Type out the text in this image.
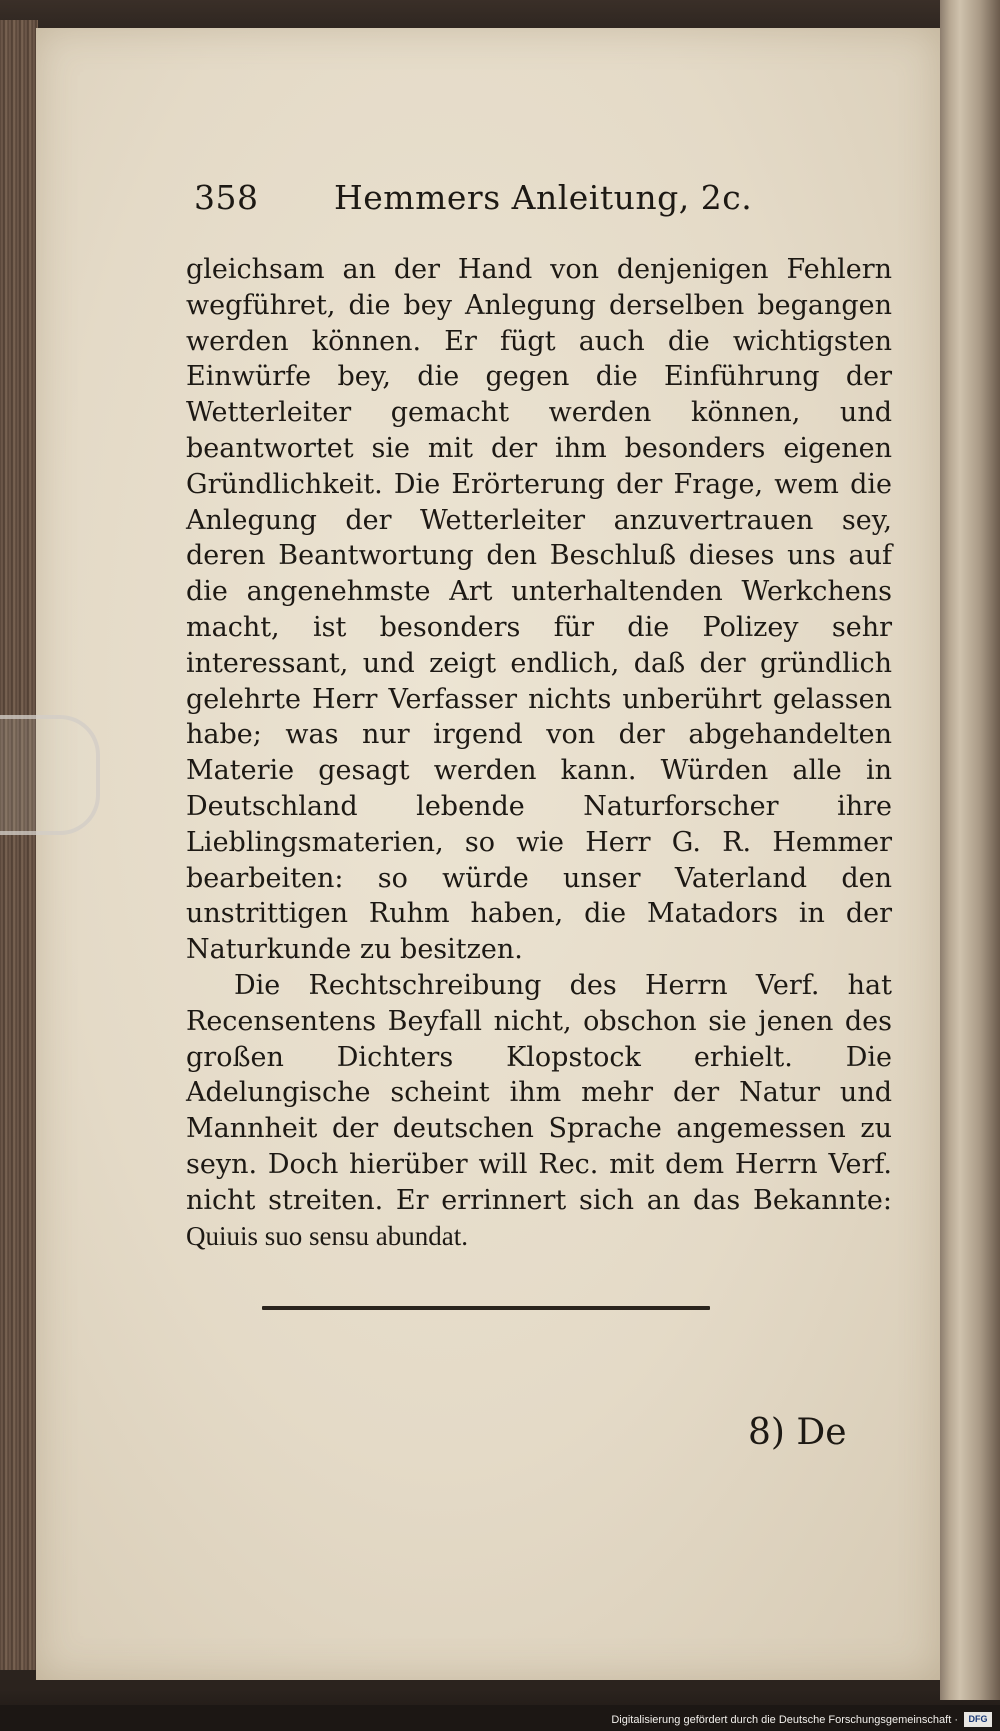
358	Hemmers Anleitung, 2c.

gleichsam an der Hand von denjenigen Fehlern wegführet, die bey Anlegung derselben begangen werden können. Er fügt auch die wichtigsten Einwürfe bey, die gegen die Einführung der Wetterleiter gemacht werden können, und beantwortet sie mit der ihm besonders eigenen Gründlichkeit. Die Erörterung der Frage, wem die Anlegung der Wetterleiter anzuvertrauen sey, deren Beantwortung den Beschluß dieses uns auf die angenehmste Art unterhaltenden Werkchens macht, ist besonders für die Polizey sehr interessant, und zeigt endlich, daß der gründlich gelehrte Herr Verfasser nichts unberührt gelassen habe; was nur irgend von der abgehandelten Materie gesagt werden kann. Würden alle in Deutschland lebende Naturforscher ihre Lieblingsmaterien, so wie Herr G. R. Hemmer bearbeiten: so würde unser Vaterland den unstrittigen Ruhm haben, die Matadors in der Naturkunde zu besitzen.

Die Rechtschreibung des Herrn Verf. hat Recensentens Beyfall nicht, obschon sie jenen des großen Dichters Klopstock erhielt. Die Adelungische scheint ihm mehr der Natur und Mannheit der deutschen Sprache angemessen zu seyn. Doch hierüber will Rec. mit dem Herrn Verf. nicht streiten. Er errinnert sich an das Bekannte: Quiuis suo sensu abundat.

8) De
Digitalisierung gefördert durch die Deutsche Forschungsgemeinschaft ·	DFG
